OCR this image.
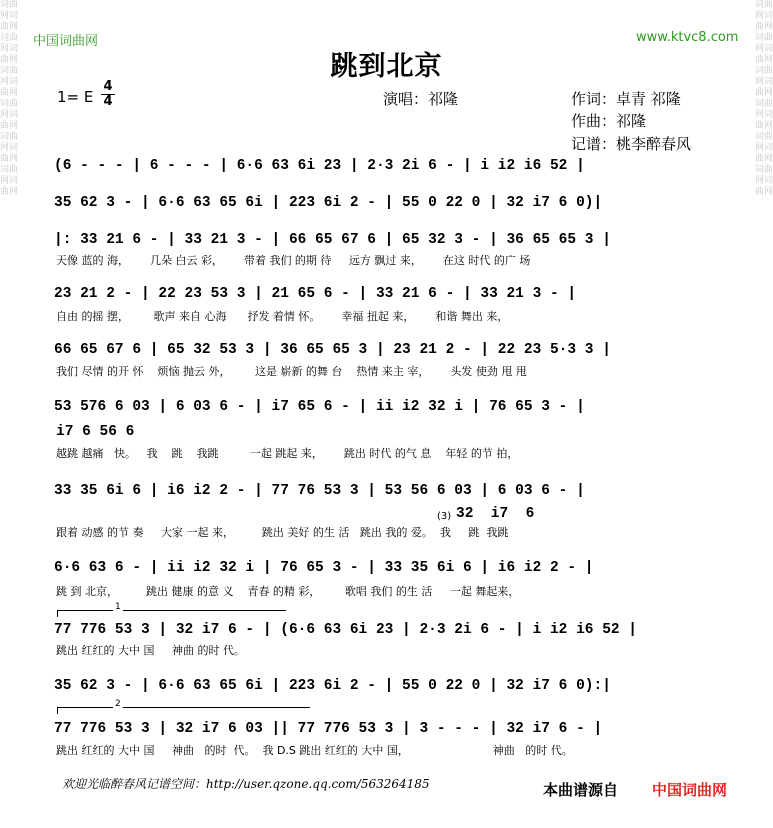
词曲网词曲网词曲网词曲网词曲网词曲网词曲网词曲网词曲网词曲网词曲网词曲网
词曲网词曲网词曲网词曲网词曲网词曲网词曲网词曲网词曲网词曲网词曲网词曲网
中国词曲网	www.ktvc8.com
跳到北京
1= E
4
4	演唱：祁隆	作词：卓青 祁隆
作曲：祁隆
记谱：桃李醉春风
(6 - - - | 6 - - - | 6·6 63 6i 23 | 2·3 2i 6 - | i i2 i6 52 |
35 62 3 - | 6·6 63 65 6i | 223 6i 2 - | 55 0 22 0 | 32 i7 6 0)|
|: 33 21 6 - | 33 21 3 - | 66 65 67 6 | 65 32 3 - | 36 65 65 3 |
天像 蓝的 海，      几朵 白云 彩，      带着 我们 的期 待     远方 飘过 来，      在这 时代 的广 场
23 21 2 - | 22 23 53 3 | 21 65 6 - | 33 21 6 - | 33 21 3 - |
自由 的摇 摆，       歌声 来自 心海      抒发 着情 怀。      幸福 扭起 来，      和谐 舞出 来，
66 65 67 6 | 65 32 53 3 | 36 65 65 3 | 23 21 2 - | 22 23 5·3 3 |
我们 尽情 的开 怀    烦恼 抛云 外，       这是 崭新 的舞 台    热情 来主 宰，      头发 使劲 甩 甩
53 576 6 03 | 6 03 6 - | i7 65 6 - | ii i2 32 i | 76 65 3 - |
i7 6 56 6
越跳 越痛   快。   我    跳    我跳         一起 跳起 来，      跳出 时代 的气 息    年轻 的节 拍，
33 35 6i 6 | i6 i2 2 - | 77 76 53 3 | 53 56 6 03 | 6 03 6 - |
(3) 32  i7  6
跟着 动感 的节 奏     大家 一起 来，        跳出 美好 的生 活   跳出 我的 爱。  我     跳  我跳
6·6 63 6 - | ii i2 32 i | 76 65 3 - | 33 35 6i 6 | i6 i2 2 - |
跳 到 北京，        跳出 健康 的意 义    青春 的精 彩，       歌唱 我们 的生 活     一起 舞起来，
1
77 776 53 3 | 32 i7 6 - | (6·6 63 6i 23 | 2·3 2i 6 - | i i2 i6 52 |
跳出 红红的 大中 国     神曲 的时 代。
35 62 3 - | 6·6 63 65 6i | 223 6i 2 - | 55 0 22 0 | 32 i7 6 0):|
2
77 776 53 3 | 32 i7 6 03 || 77 776 53 3 | 3 - - - | 32 i7 6 - |
跳出 红红的 大中 国     神曲   的时  代。  我 D.S 跳出 红红的 大中 国，                        神曲   的时 代。
欢迎光临醉春风记谱空间：http://user.qzone.qq.com/563264185	本曲谱源自 中国词曲网
